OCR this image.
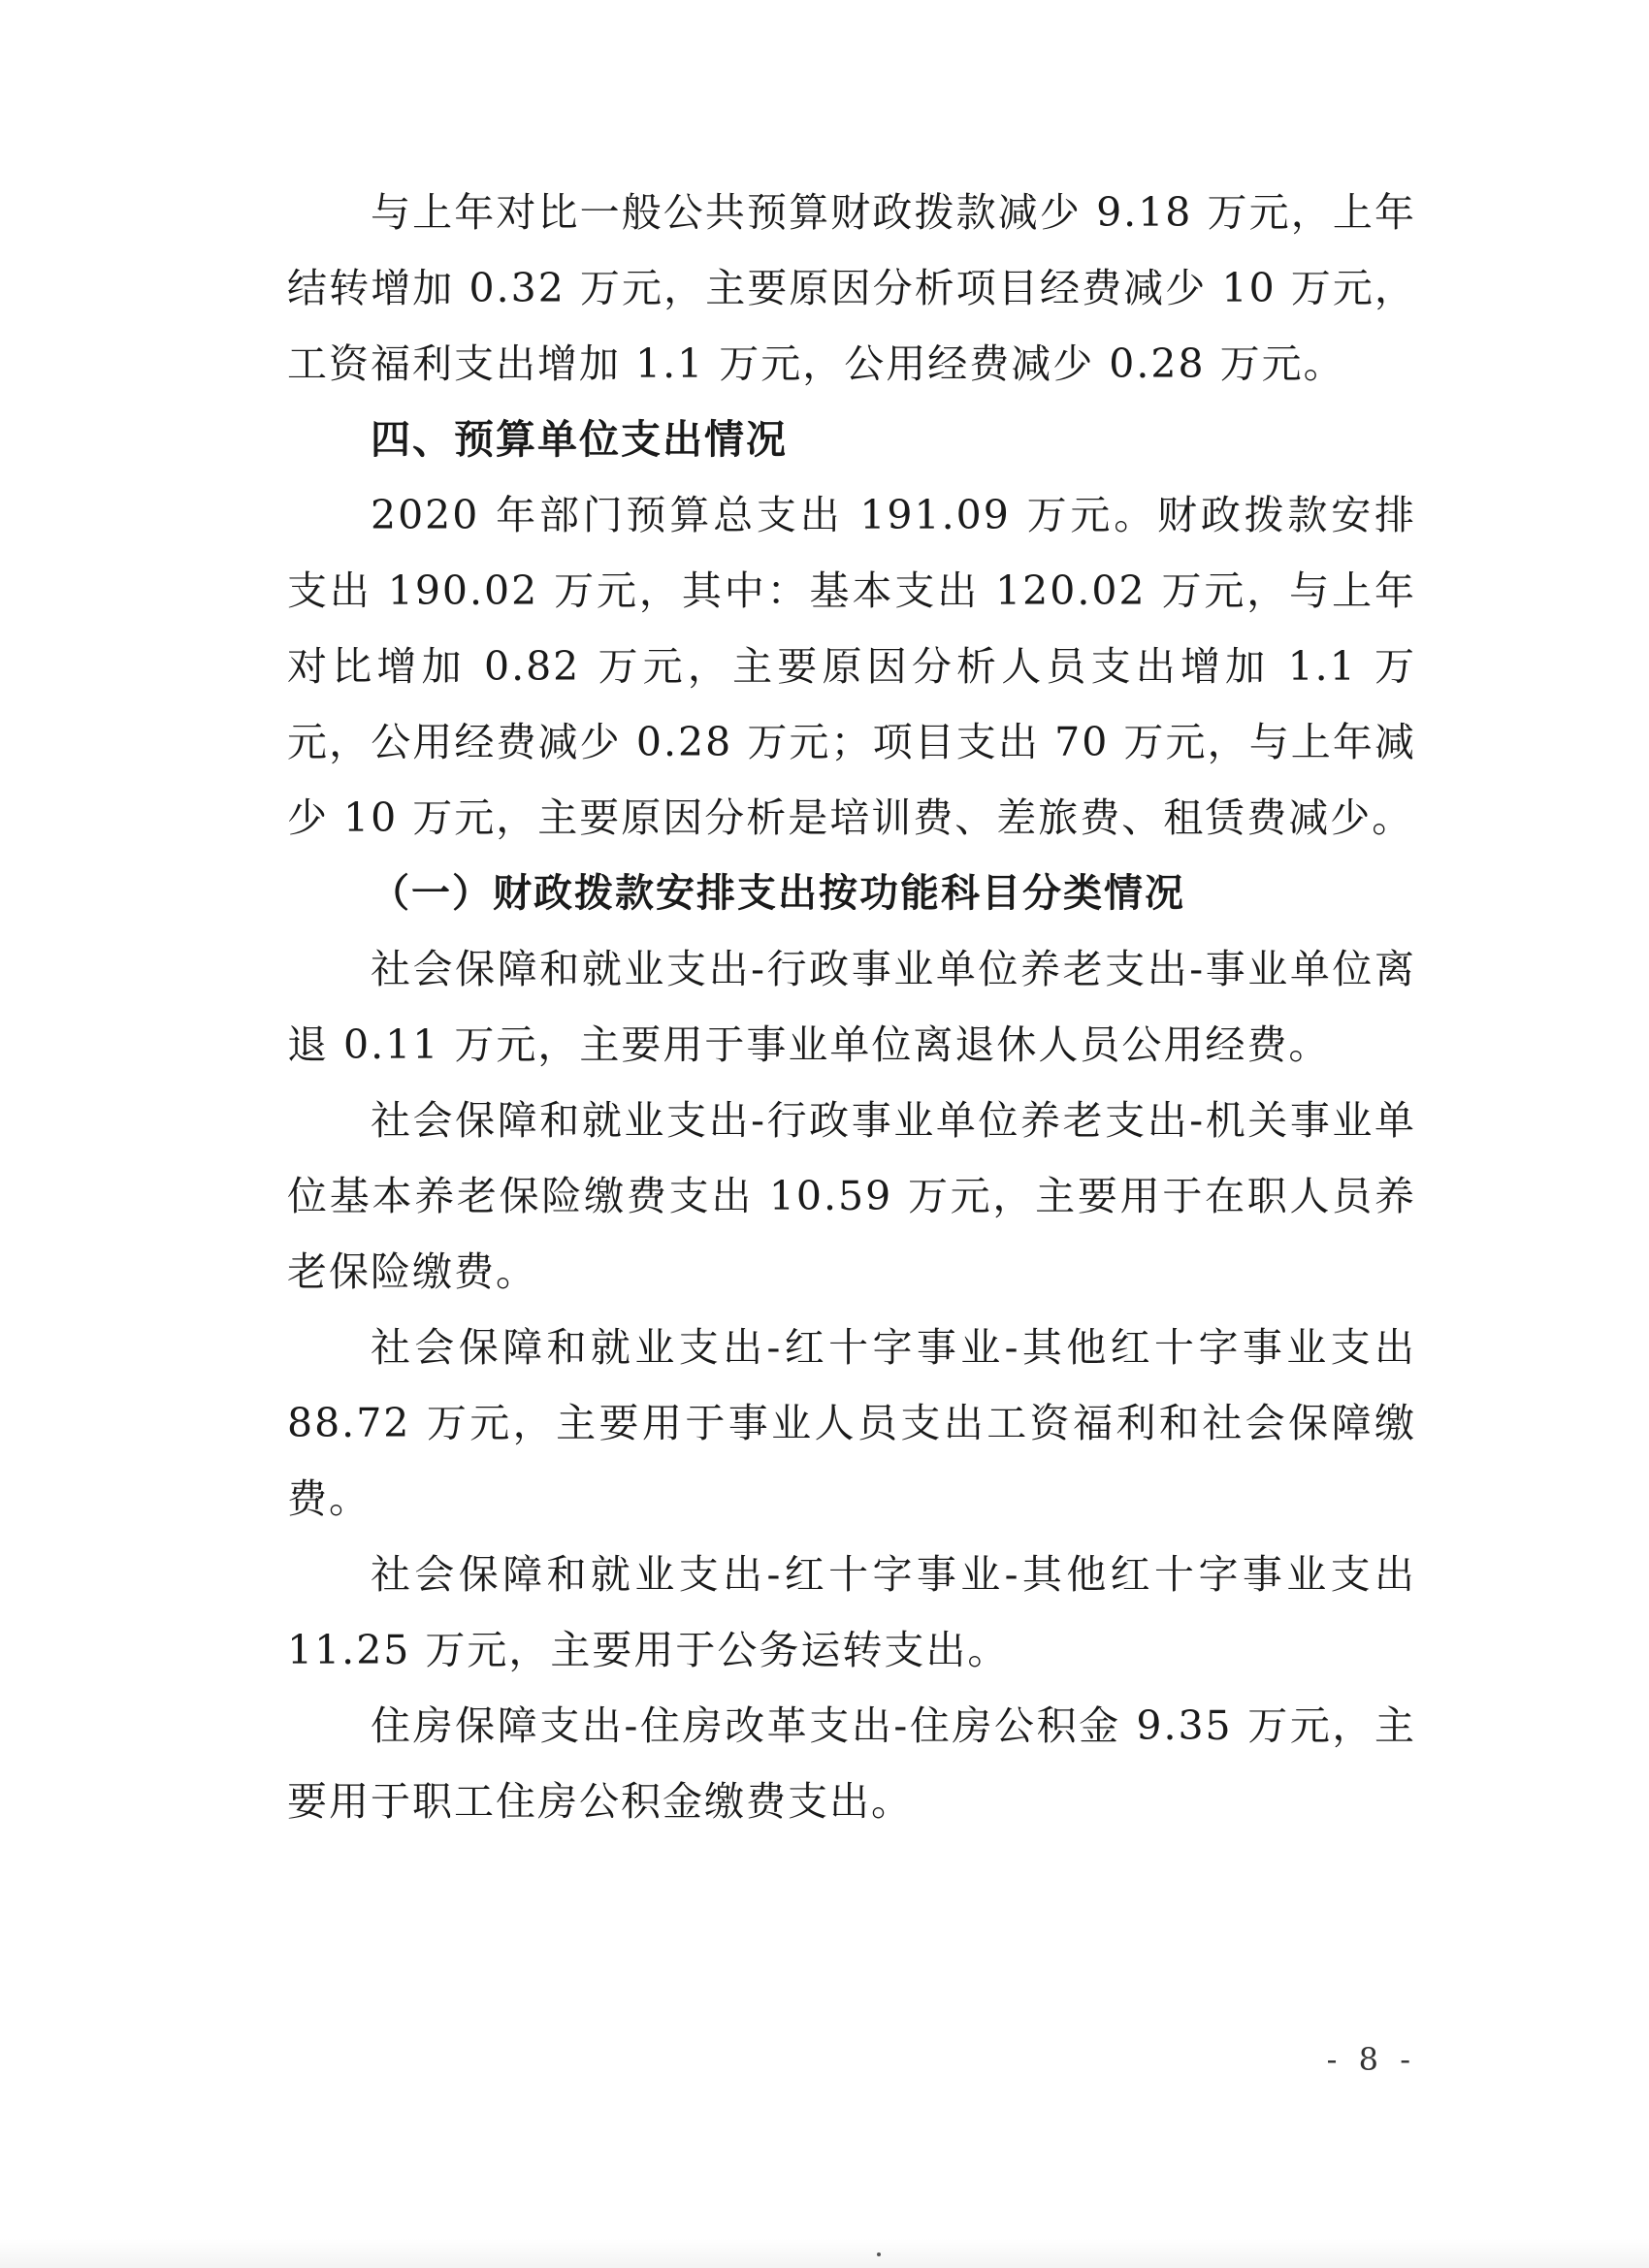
与上年对比一般公共预算财政拨款减少 9.18 万元，上年结转增加 0.32 万元，主要原因分析项目经费减少 10 万元，工资福利支出增加 1.1 万元，公用经费减少 0.28 万元。

四、预算单位支出情况

2020 年部门预算总支出 191.09 万元。财政拨款安排支出 190.02 万元，其中：基本支出 120.02 万元，与上年对比增加 0.82 万元，主要原因分析人员支出增加 1.1 万元，公用经费减少 0.28 万元；项目支出 70 万元，与上年减少 10 万元，主要原因分析是培训费、差旅费、租赁费减少。

（一）财政拨款安排支出按功能科目分类情况

社会保障和就业支出-行政事业单位养老支出-事业单位离退 0.11 万元，主要用于事业单位离退休人员公用经费。

社会保障和就业支出-行政事业单位养老支出-机关事业单位基本养老保险缴费支出 10.59 万元，主要用于在职人员养老保险缴费。

社会保障和就业支出-红十字事业-其他红十字事业支出 88.72 万元，主要用于事业人员支出工资福利和社会保障缴费。

社会保障和就业支出-红十字事业-其他红十字事业支出 11.25 万元，主要用于公务运转支出。

住房保障支出-住房改革支出-住房公积金 9.35 万元，主要用于职工住房公积金缴费支出。

- 8 -
